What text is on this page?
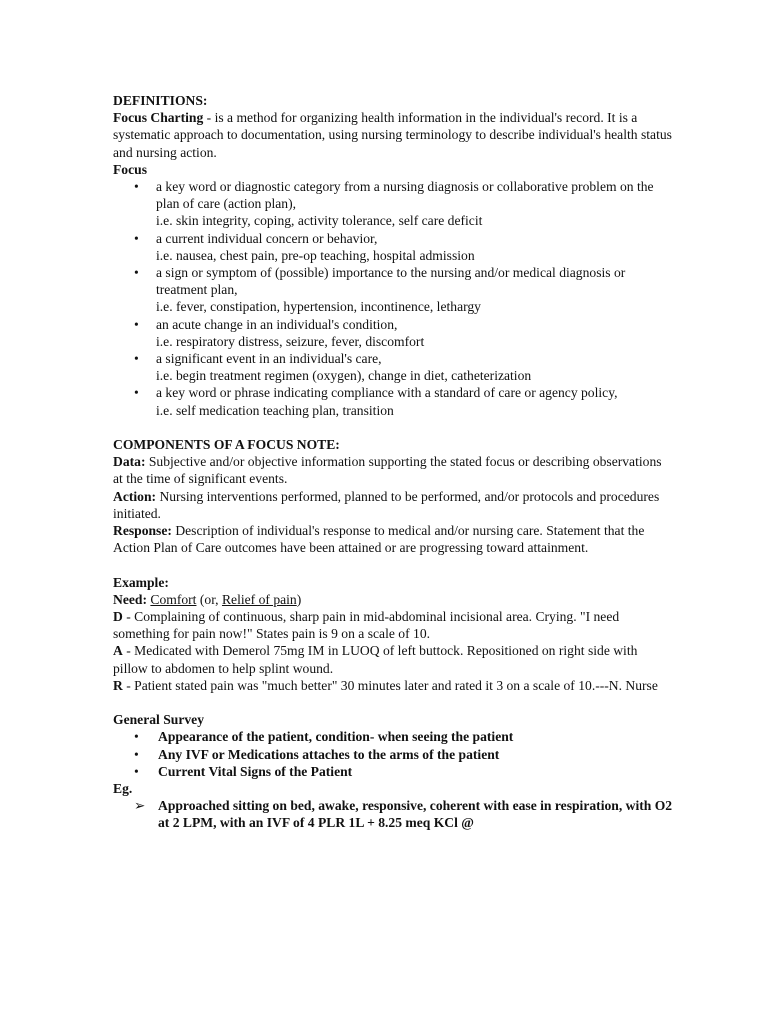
DEFINITIONS:

Focus Charting - is a method for organizing health information in the individual's record. It is a systematic approach to documentation, using nursing terminology to describe individual's health status and nursing action.

Focus

• a key word or diagnostic category from a nursing diagnosis or collaborative problem on the plan of care (action plan),
i.e. skin integrity, coping, activity tolerance, self care deficit
• a current individual concern or behavior,
i.e. nausea, chest pain, pre-op teaching, hospital admission
• a sign or symptom of (possible) importance to the nursing and/or medical diagnosis or treatment plan,
i.e. fever, constipation, hypertension, incontinence, lethargy
• an acute change in an individual's condition,
i.e. respiratory distress, seizure, fever, discomfort
• a significant event in an individual's care,
i.e. begin treatment regimen (oxygen), change in diet, catheterization
• a key word or phrase indicating compliance with a standard of care or agency policy,
i.e. self medication teaching plan, transition

COMPONENTS OF A FOCUS NOTE:

Data: Subjective and/or objective information supporting the stated focus or describing observations at the time of significant events.

Action: Nursing interventions performed, planned to be performed, and/or protocols and procedures initiated.

Response: Description of individual's response to medical and/or nursing care. Statement that the Action Plan of Care outcomes have been attained or are progressing toward attainment.

Example:

Need: Comfort (or, Relief of pain)

D - Complaining of continuous, sharp pain in mid-abdominal incisional area. Crying. "I need something for pain now!" States pain is 9 on a scale of 10.

A - Medicated with Demerol 75mg IM in LUOQ of left buttock. Repositioned on right side with pillow to abdomen to help splint wound.

R - Patient stated pain was "much better" 30 minutes later and rated it 3 on a scale of 10.---N. Nurse

General Survey

• Appearance of the patient, condition- when seeing the patient
• Any IVF or Medications attaches to the arms of the patient
• Current Vital Signs of the Patient

Eg.

➢ Approached sitting on bed, awake, responsive, coherent with ease in respiration, with O2 at 2 LPM, with an IVF of 4 PLR 1L + 8.25 meq KCl @
